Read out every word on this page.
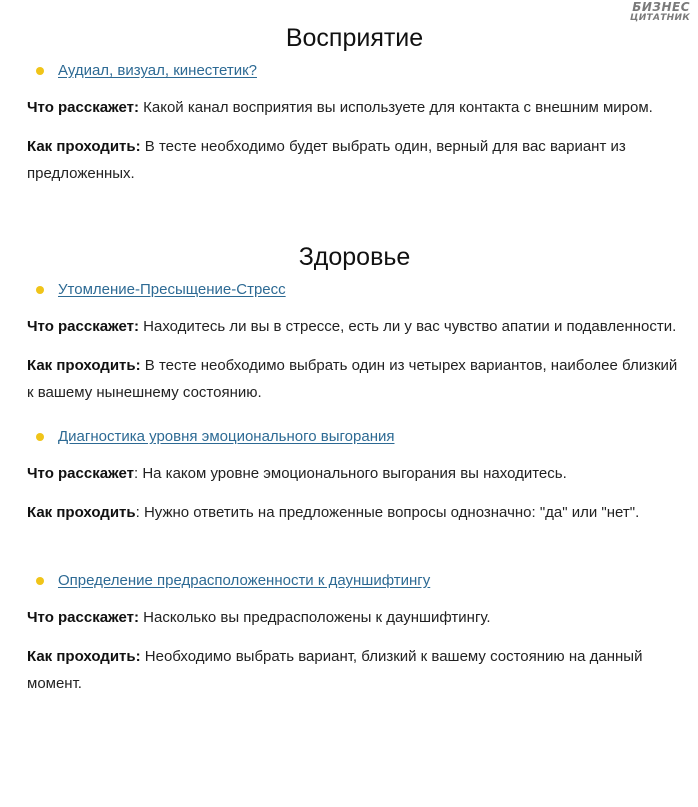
БИЗНЕС
ЦИТАТНИК
Восприятие
Аудиал, визуал, кинестетик?

Что расскажет: Какой канал восприятия вы используете для контакта с внешним миром.

Как проходить: В тесте необходимо будет выбрать один, верный для вас вариант из предложенных.

Здоровье
Утомление-Пресыщение-Стресс

Что расскажет: Находитесь ли вы в стрессе, есть ли у вас чувство апатии и подавленности.

Как проходить: В тесте необходимо выбрать один из четырех вариантов, наиболее близкий к вашему нынешнему состоянию.

Диагностика уровня эмоционального выгорания

Что расскажет: На каком уровне эмоционального выгорания вы находитесь.

Как проходить: Нужно ответить на предложенные вопросы однозначно: "да" или "нет".

Определение предрасположенности к дауншифтингу

Что расскажет: Насколько вы предрасположены к дауншифтингу.

Как проходить: Необходимо выбрать вариант, близкий к вашему состоянию на данный момент.
